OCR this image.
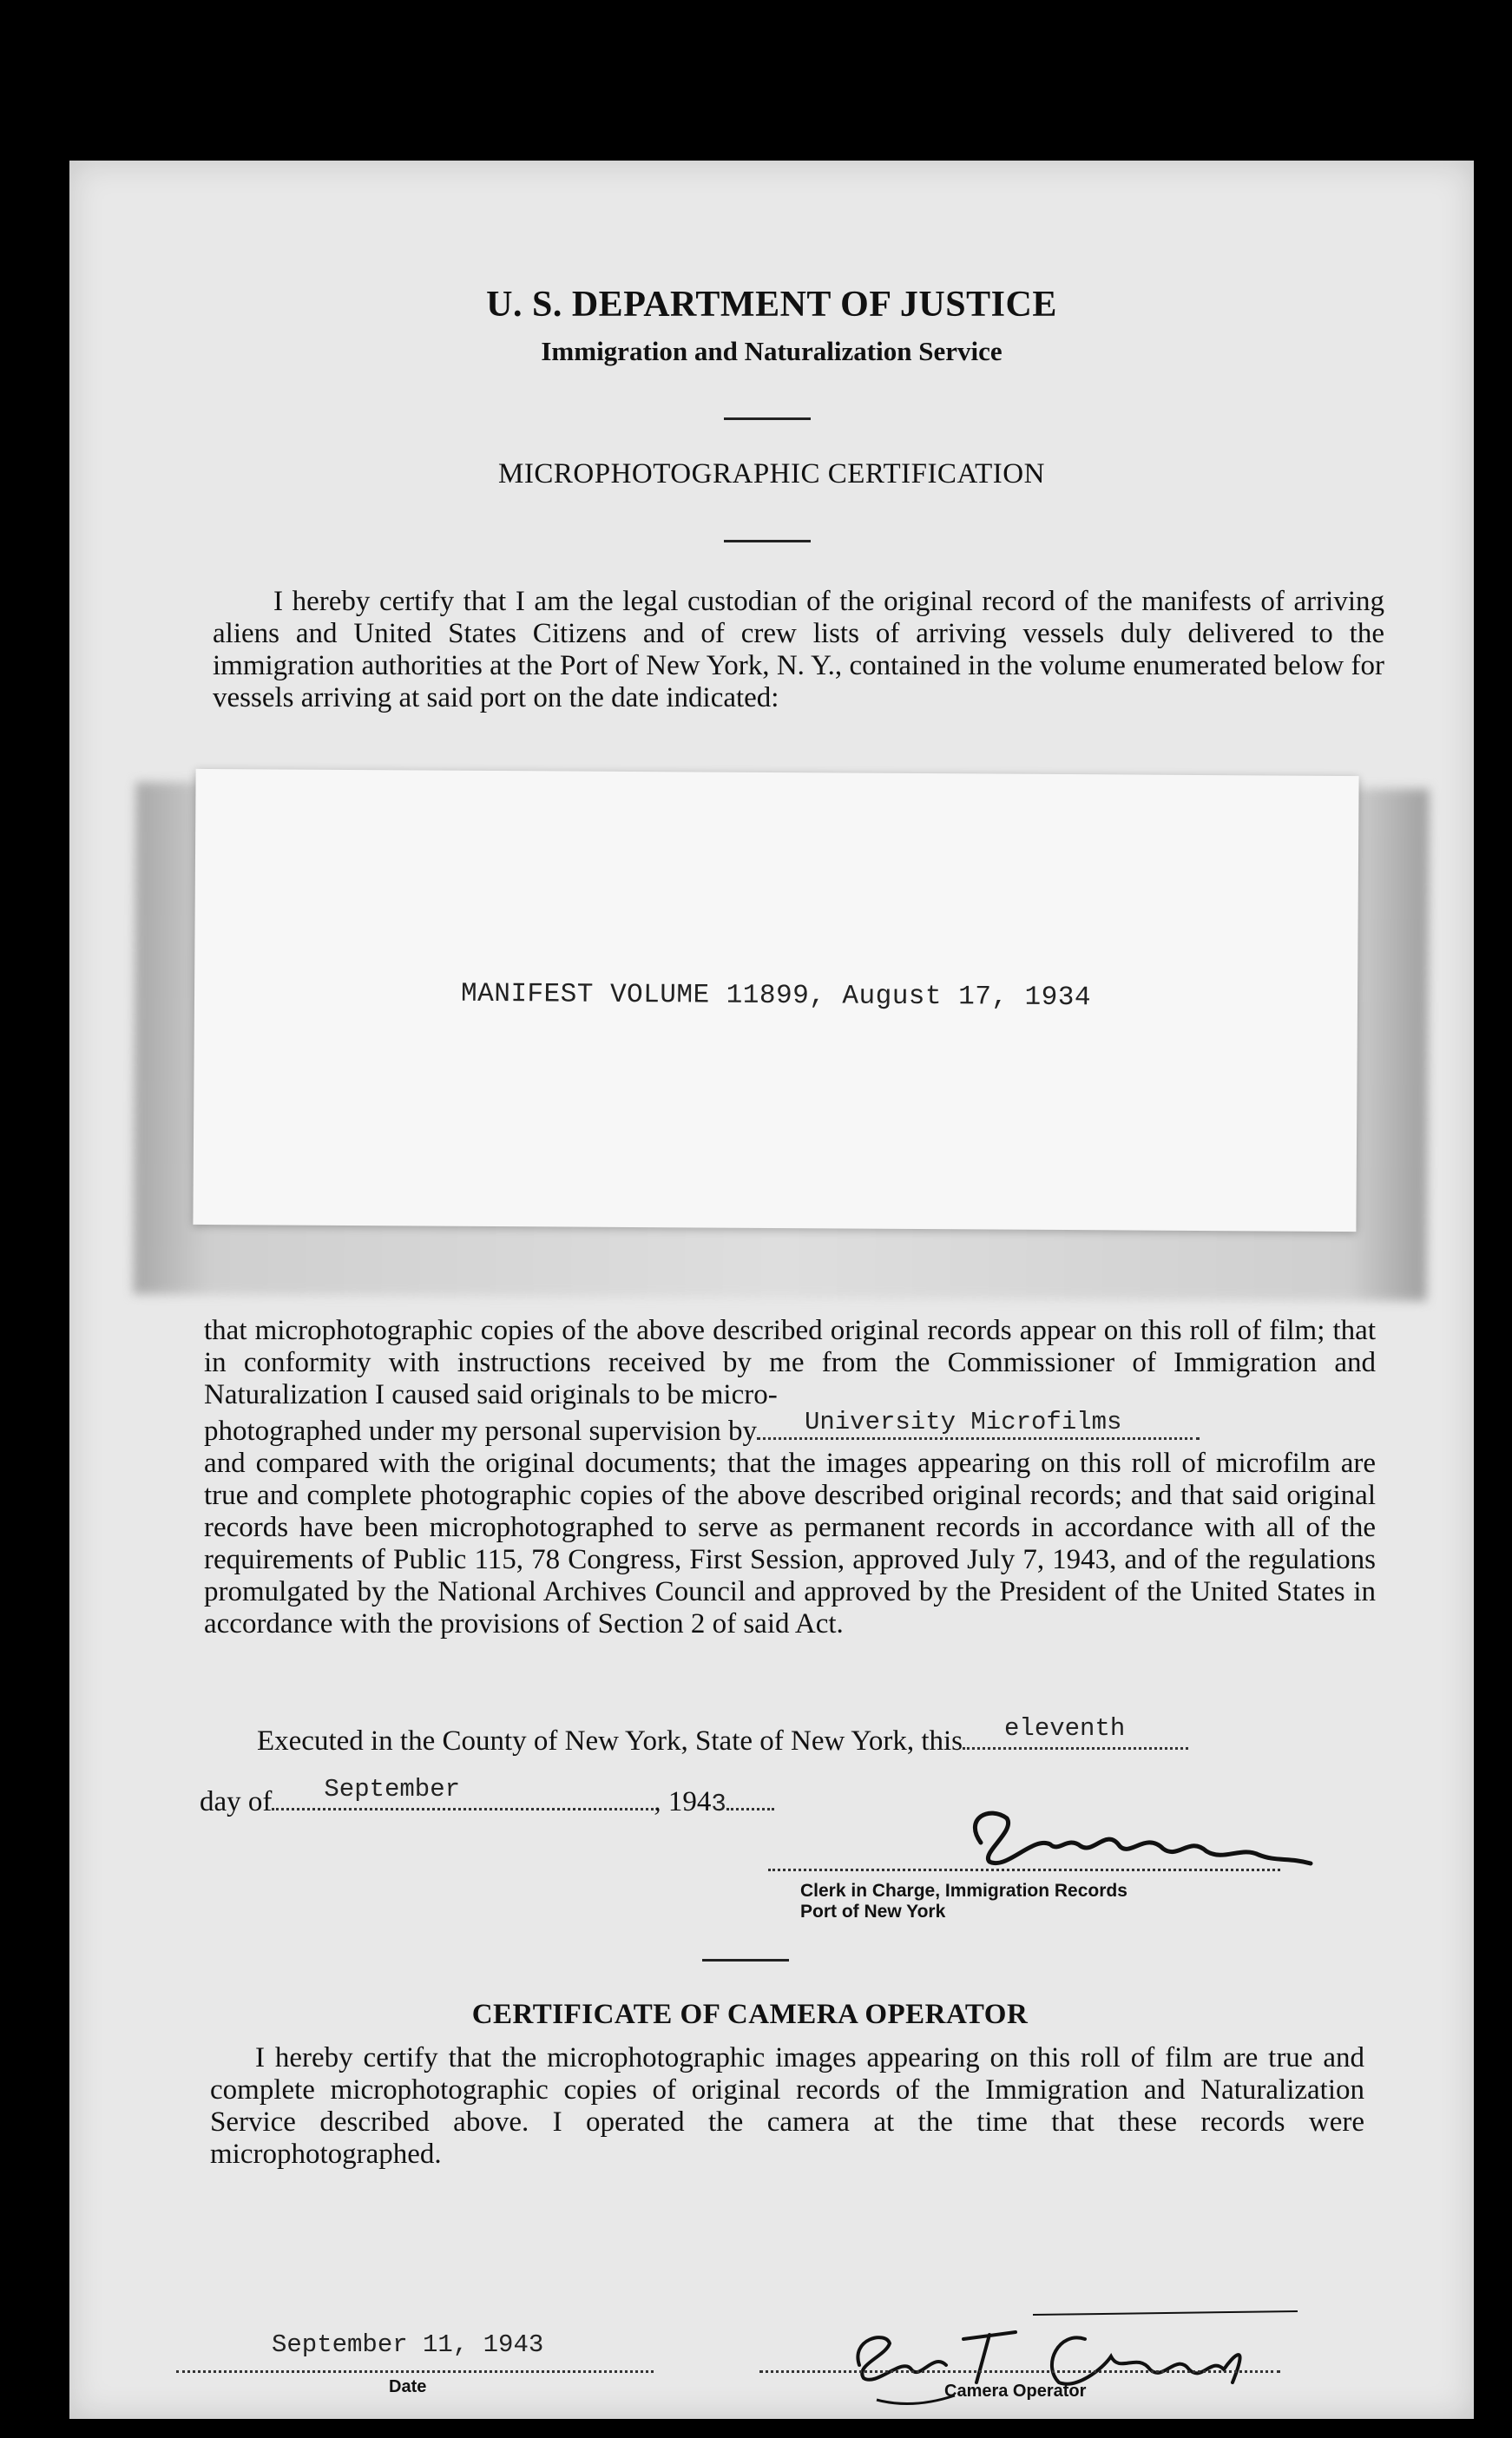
U. S. DEPARTMENT OF JUSTICE
Immigration and Naturalization Service
MICROPHOTOGRAPHIC CERTIFICATION

I hereby certify that I am the legal custodian of the original record of the manifests of arriving aliens and United States Citizens and of crew lists of arriving vessels duly delivered to the immigration authorities at the Port of New York, N. Y., contained in the volume enumerated below for vessels arriving at said port on the date indicated:

MANIFEST VOLUME 11899, August 17, 1934

that microphotographic copies of the above described original records appear on this roll of film; that in conformity with instructions received by me from the Commissioner of Immigration and Naturalization I caused said originals to be micro-

photographed under my personal supervision by University Microfilms

and compared with the original documents; that the images appearing on this roll of microfilm are true and complete photographic copies of the above described original records; and that said original records have been microphotographed to serve as permanent records in accordance with all of the requirements of Public 115, 78 Congress, First Session, approved July 7, 1943, and of the regulations promulgated by the National Archives Council and approved by the President of the United States in accordance with the provisions of Section 2 of said Act.

Executed in the County of New York, State of New York, this eleventh
day of September	, 1943
Clerk in Charge, Immigration Records
Port of New York
CERTIFICATE OF CAMERA OPERATOR

I hereby certify that the microphotographic images appearing on this roll of film are true and complete microphotographic copies of original records of the Immigration and Naturalization Service described above. I operated the camera at the time that these records were microphotographed.

September 11, 1943
Date	Camera Operator
